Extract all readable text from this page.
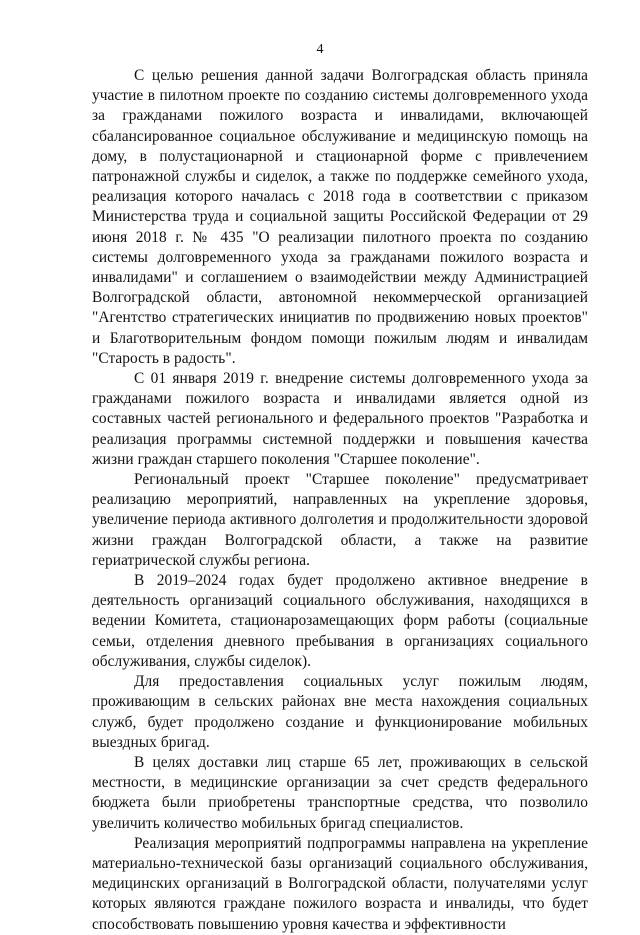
4

С целью решения данной задачи Волгоградская область приняла участие в пилотном проекте по созданию системы долговременного ухода за гражданами пожилого возраста и инвалидами, включающей сбалансированное социальное обслуживание и медицинскую помощь на дому, в полустационарной и стационарной форме с привлечением патронажной службы и сиделок, а также по поддержке семейного ухода, реализация которого началась с 2018 года в соответствии с приказом Министерства труда и социальной защиты Российской Федерации от 29 июня 2018 г. № 435 "О реализации пилотного проекта по созданию системы долговременного ухода за гражданами пожилого возраста и инвалидами" и соглашением о взаимодействии между Администрацией Волгоградской области, автономной некоммерческой организацией "Агентство стратегических инициатив по продвижению новых проектов" и Благотворительным фондом помощи пожилым людям и инвалидам "Старость в радость".

С 01 января 2019 г. внедрение системы долговременного ухода за гражданами пожилого возраста и инвалидами является одной из составных частей регионального и федерального проектов "Разработка и реализация программы системной поддержки и повышения качества жизни граждан старшего поколения "Старшее поколение".

Региональный проект "Старшее поколение" предусматривает реализацию мероприятий, направленных на укрепление здоровья, увеличение периода активного долголетия и продолжительности здоровой жизни граждан Волгоградской области, а также на развитие гериатрической службы региона.

В 2019–2024 годах будет продолжено активное внедрение в деятельность организаций социального обслуживания, находящихся в ведении Комитета, стационарозамещающих форм работы (социальные семьи, отделения дневного пребывания в организациях социального обслуживания, службы сиделок).

Для предоставления социальных услуг пожилым людям, проживающим в сельских районах вне места нахождения социальных служб, будет продолжено создание и функционирование мобильных выездных бригад.

В целях доставки лиц старше 65 лет, проживающих в сельской местности, в медицинские организации за счет средств федерального бюджета были приобретены транспортные средства, что позволило увеличить количество мобильных бригад специалистов.

Реализация мероприятий подпрограммы направлена на укрепление материально-технической базы организаций социального обслуживания, медицинских организаций в Волгоградской области, получателями услуг которых являются граждане пожилого возраста и инвалиды, что будет способствовать повышению уровня качества и эффективности
